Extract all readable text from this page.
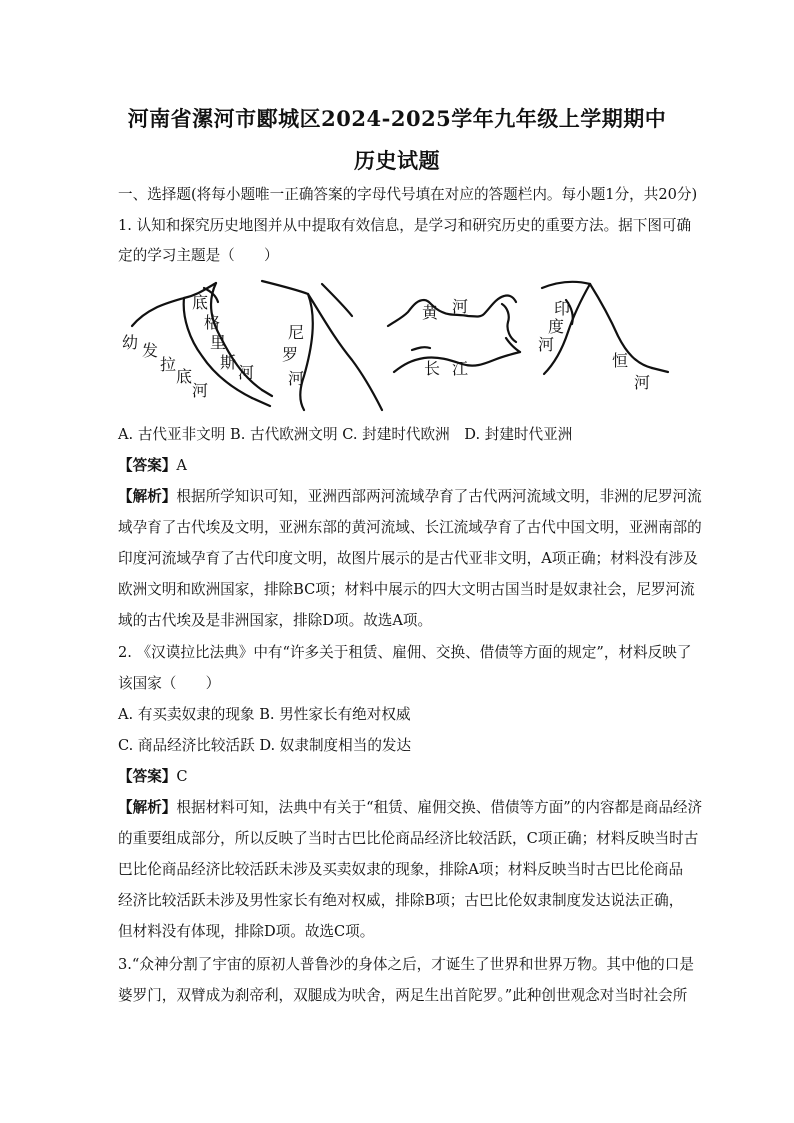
河南省漯河市郾城区2024-2025学年九年级上学期期中
历史试题
一、选择题(将每小题唯一正确答案的字母代号填在对应的答题栏内。每小题1分，共20分)
1. 认知和探究历史地图并从中提取有效信息，是学习和研究历史的重要方法。据下图可确
定的学习主题是（　　）
底
格
里
斯
河
幼 发
拉
底
河
尼
罗
河
黄 河
长 江
印
度
河
恒
河
A. 古代亚非文明 B. 古代欧洲文明 C. 封建时代欧洲　D. 封建时代亚洲
【答案】A
【解析】根据所学知识可知，亚洲西部两河流域孕育了古代两河流域文明，非洲的尼罗河流
域孕育了古代埃及文明，亚洲东部的黄河流域、长江流域孕育了古代中国文明，亚洲南部的
印度河流域孕育了古代印度文明，故图片展示的是古代亚非文明，A项正确；材料没有涉及
欧洲文明和欧洲国家，排除BC项；材料中展示的四大文明古国当时是奴隶社会，尼罗河流
域的古代埃及是非洲国家，排除D项。故选A项。
2. 《汉谟拉比法典》中有“许多关于租赁、雇佣、交换、借债等方面的规定”，材料反映了
该国家（　　）
A. 有买卖奴隶的现象 B. 男性家长有绝对权威
C. 商品经济比较活跃 D. 奴隶制度相当的发达
【答案】C
【解析】根据材料可知，法典中有关于“租赁、雇佣交换、借债等方面”的内容都是商品经济
的重要组成部分，所以反映了当时古巴比伦商品经济比较活跃，C项正确；材料反映当时古
巴比伦商品经济比较活跃未涉及买卖奴隶的现象，排除A项；材料反映当时古巴比伦商品
经济比较活跃未涉及男性家长有绝对权威，排除B项；古巴比伦奴隶制度发达说法正确，
但材料没有体现，排除D项。故选C项。
3.“众神分割了宇宙的原初人普鲁沙的身体之后，才诞生了世界和世界万物。其中他的口是
婆罗门，双臂成为刹帝利，双腿成为吠舍，两足生出首陀罗。”此种创世观念对当时社会所
